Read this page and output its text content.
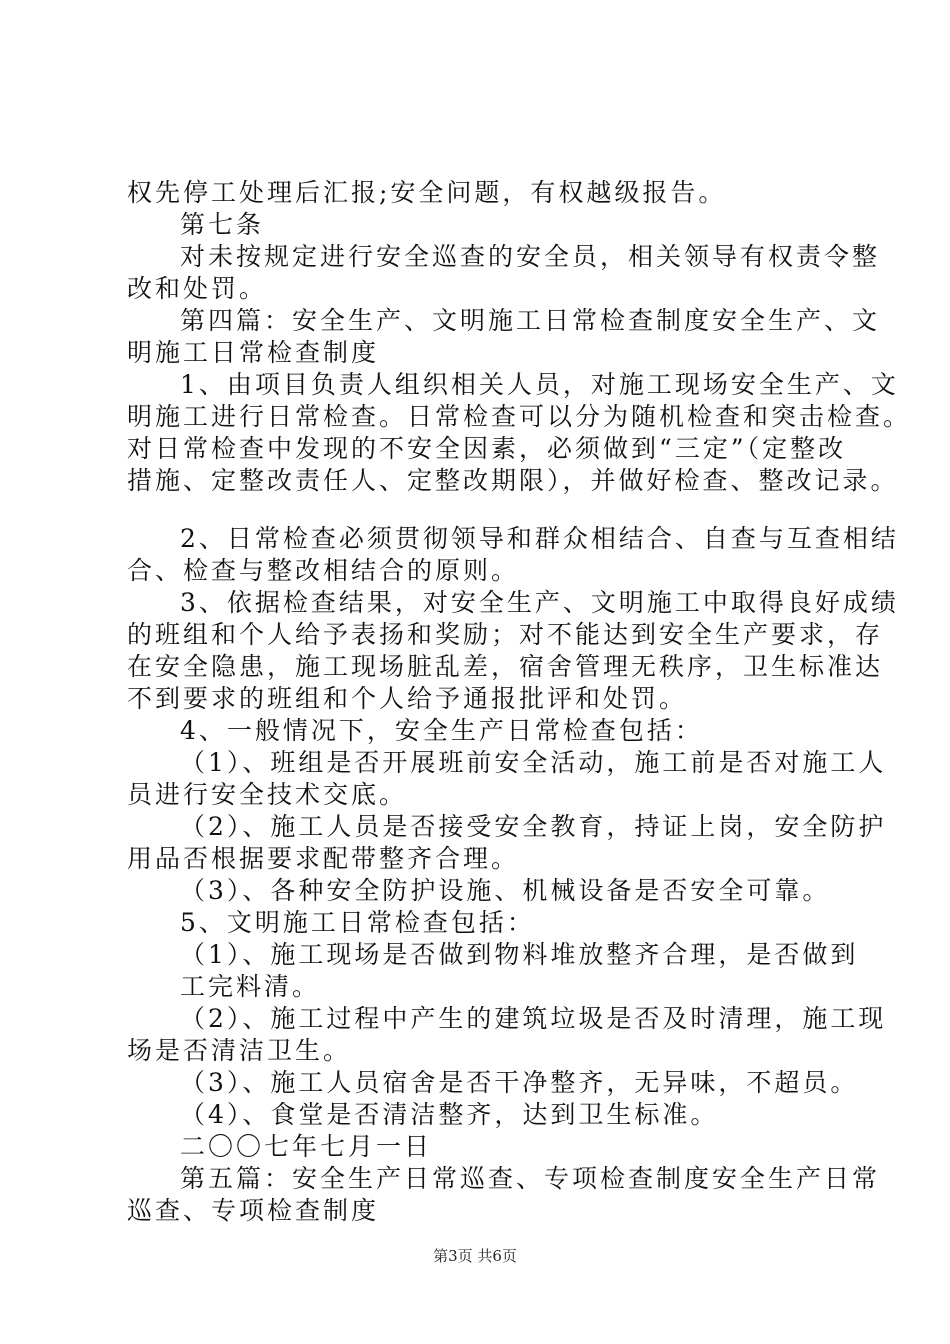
权先停工处理后汇报;安全问题，有权越级报告。
第七条
对未按规定进行安全巡查的安全员，相关领导有权责令整
改和处罚。
第四篇：安全生产、文明施工日常检查制度安全生产、文
明施工日常检查制度
1、由项目负责人组织相关人员，对施工现场安全生产、文
明施工进行日常检查。日常检查可以分为随机检查和突击检查。
对日常检查中发现的不安全因素，必须做到“三定”（定整改
措施、定整改责任人、定整改期限），并做好检查、整改记录。
2、日常检查必须贯彻领导和群众相结合、自查与互查相结
合、检查与整改相结合的原则。
3、依据检查结果，对安全生产、文明施工中取得良好成绩
的班组和个人给予表扬和奖励；对不能达到安全生产要求，存
在安全隐患，施工现场脏乱差，宿舍管理无秩序，卫生标准达
不到要求的班组和个人给予通报批评和处罚。
4、一般情况下，安全生产日常检查包括：
（1）、班组是否开展班前安全活动，施工前是否对施工人
员进行安全技术交底。
（2）、施工人员是否接受安全教育，持证上岗，安全防护
用品否根据要求配带整齐合理。
（3）、各种安全防护设施、机械设备是否安全可靠。
5、文明施工日常检查包括：
（1）、施工现场是否做到物料堆放整齐合理，是否做到
工完料清。
（2）、施工过程中产生的建筑垃圾是否及时清理，施工现
场是否清洁卫生。
（3）、施工人员宿舍是否干净整齐，无异味，不超员。
（4）、食堂是否清洁整齐，达到卫生标准。
二〇〇七年七月一日
第五篇：安全生产日常巡查、专项检查制度安全生产日常
巡查、专项检查制度
第3页 共6页
